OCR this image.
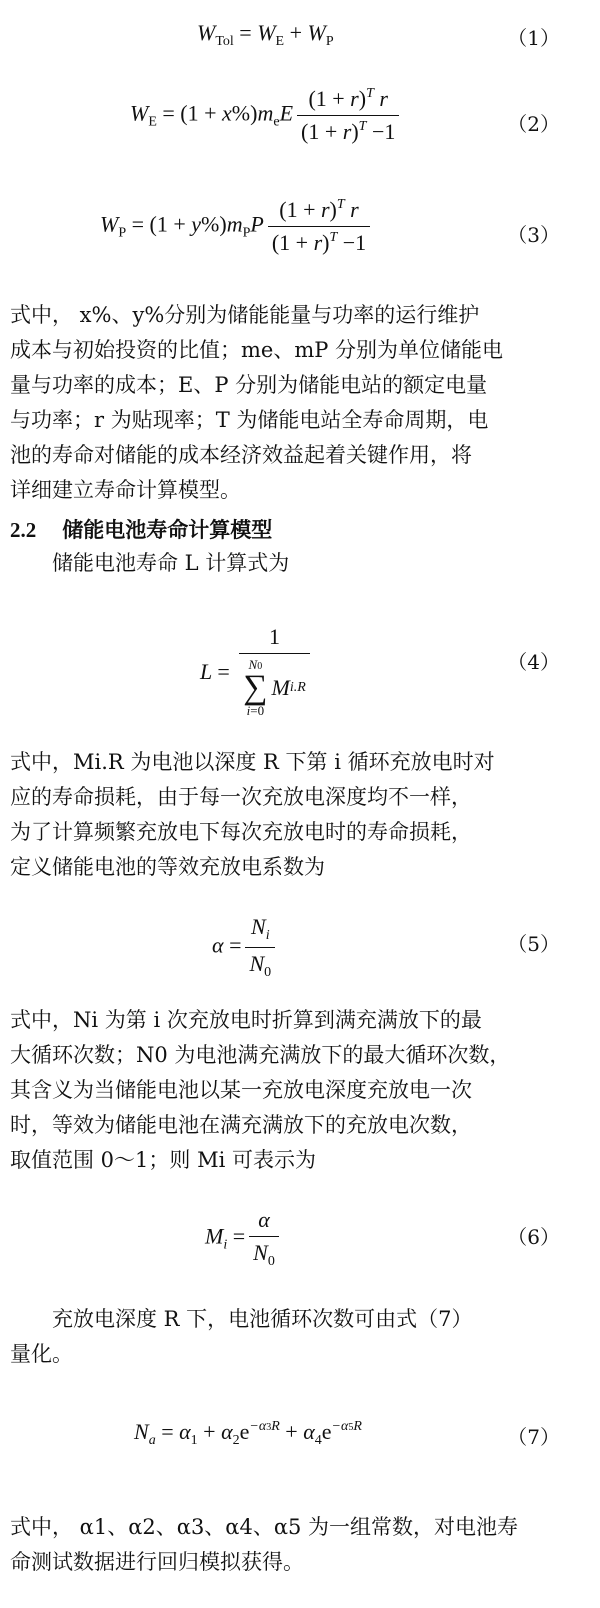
$W_{Tol} = W_E + W_P$	（1）
$W_E = (1 + x\%)m_eE \frac{(1 + r)^T r}{(1 + r)^T -1}$	（2）
$W_P = (1 + y\%)m_PP \frac{(1 + r)^T r}{(1 + r)^T -1}$	（3）
式中， x%、y%分别为储能能量与功率的运行维护
成本与初始投资的比值；me、mP 分别为单位储能电
量与功率的成本；E、P 分别为储能电站的额定电量
与功率；r 为贴现率；T 为储能电站全寿命周期，电
池的寿命对储能的成本经济效益起着关键作用，将
详细建立寿命计算模型。
2.2 储能电池寿命计算模型
储能电池寿命 L 计算式为
L = 1
N0
∑
i=0
M i.R	（4）
式中，Mi.R 为电池以深度 R 下第 i 循环充放电时对
应的寿命损耗，由于每一次充放电深度均不一样，
为了计算频繁充放电下每次充放电时的寿命损耗，
定义储能电池的等效充放电系数为
$\alpha = \frac{N_i}{N_0}$	（5）
式中，Ni 为第 i 次充放电时折算到满充满放下的最
大循环次数；N0 为电池满充满放下的最大循环次数，
其含义为当储能电池以某一充放电深度充放电一次
时，等效为储能电池在满充满放下的充放电次数，
取值范围 0～1；则 Mi 可表示为
$M_i = \frac{\alpha}{N_0}$	（6）
充放电深度 R 下，电池循环次数可由式（7）
量化。
$N_a = \alpha_1 + \alpha_2e^{-\alpha 3R} + \alpha_4e^{-\alpha 5R}$	（7）
式中， α1、α2、α3、α4、α5 为一组常数，对电池寿
命测试数据进行回归模拟获得。
